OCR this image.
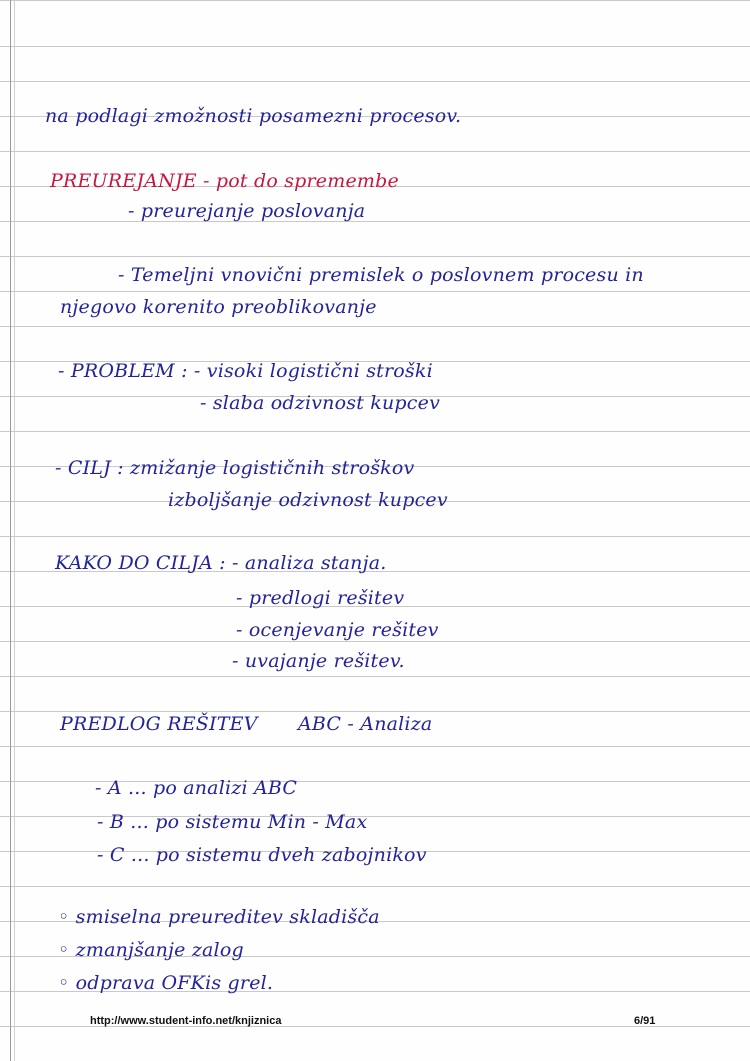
na podlagi zmožnosti posamezni procesov.
PREUREJANJE - pot do spremembe
- preurejanje poslovanja
- Temeljni vnovični premislek o poslovnem procesu in
njegovo korenito preoblikovanje
- PROBLEM : - visoki logistični stroški
- slaba odzivnost kupcev
- CILJ : zmižanje logističnih stroškov
izboljšanje odzivnost kupcev
KAKO DO CILJA : - analiza stanja.
- predlogi rešitev
- ocenjevanje rešitev
- uvajanje rešitev.
PREDLOG REŠITEV ABC - Analiza
- A ... po analizi ABC
- B ... po sistemu Min - Max
- C ... po sistemu dveh zabojnikov
◦ smiselna preureditev skladišča
◦ zmanjšanje zalog
◦ odprava OFKis grel.
http://www.student-info.net/knjiznica	6/91
